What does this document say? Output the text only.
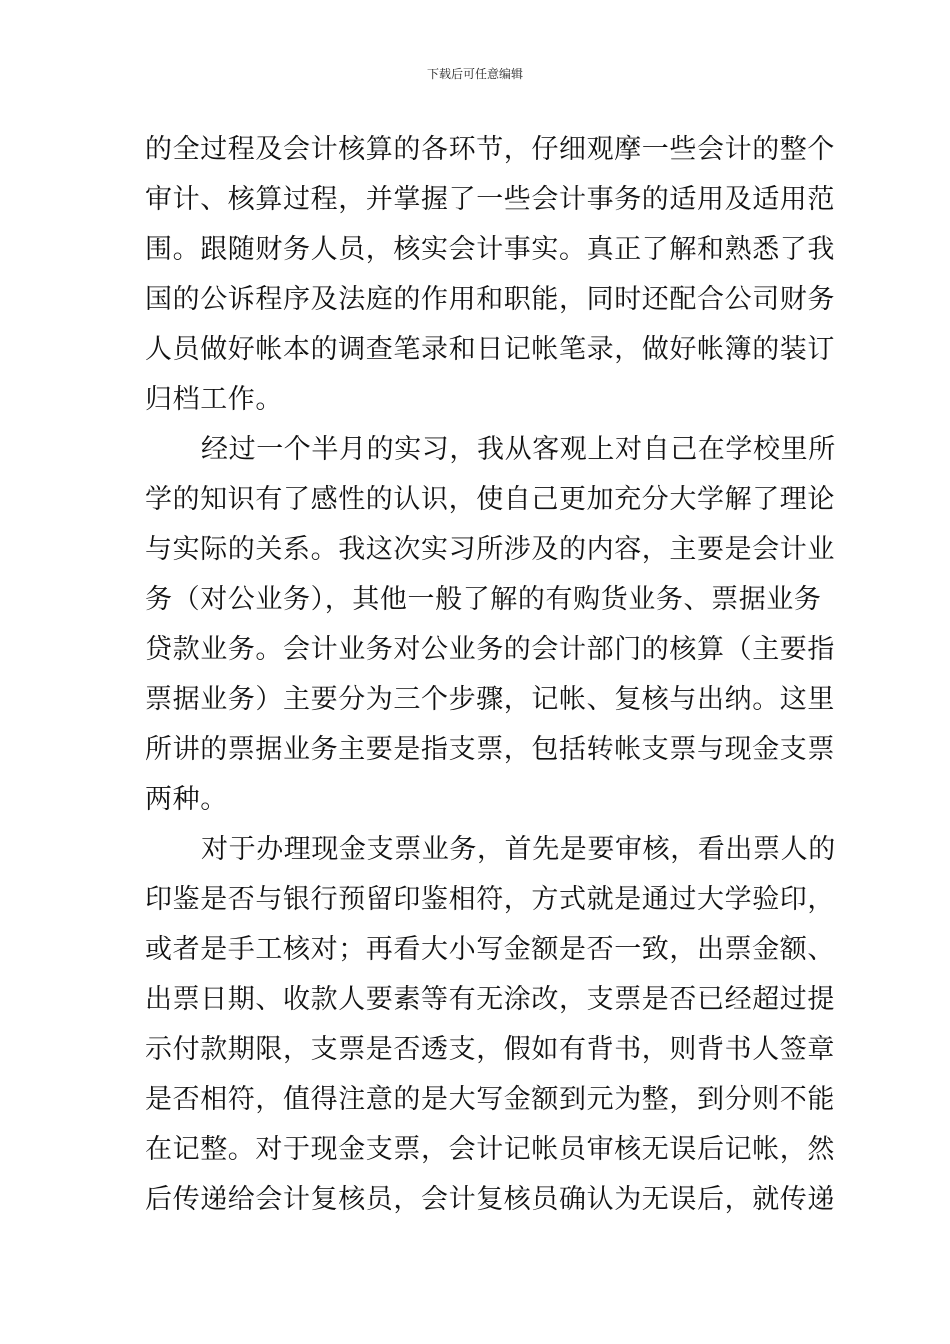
下载后可任意编辑
的全过程及会计核算的各环节，仔细观摩一些会计的整个
审计、核算过程，并掌握了一些会计事务的适用及适用范
围。跟随财务人员，核实会计事实。真正了解和熟悉了我
国的公诉程序及法庭的作用和职能，同时还配合公司财务
人员做好帐本的调查笔录和日记帐笔录，做好帐簿的装订
归档工作。
经过一个半月的实习，我从客观上对自己在学校里所
学的知识有了感性的认识，使自己更加充分大学解了理论
与实际的关系。我这次实习所涉及的内容，主要是会计业
务（对公业务），其他一般了解的有购货业务、票据业务
贷款业务。会计业务对公业务的会计部门的核算（主要指
票据业务）主要分为三个步骤，记帐、复核与出纳。这里
所讲的票据业务主要是指支票，包括转帐支票与现金支票
两种。
对于办理现金支票业务，首先是要审核，看出票人的
印鉴是否与银行预留印鉴相符，方式就是通过大学验印，
或者是手工核对；再看大小写金额是否一致，出票金额、
出票日期、收款人要素等有无涂改，支票是否已经超过提
示付款期限，支票是否透支，假如有背书，则背书人签章
是否相符，值得注意的是大写金额到元为整，到分则不能
在记整。对于现金支票，会计记帐员审核无误后记帐，然
后传递给会计复核员，会计复核员确认为无误后，就传递
